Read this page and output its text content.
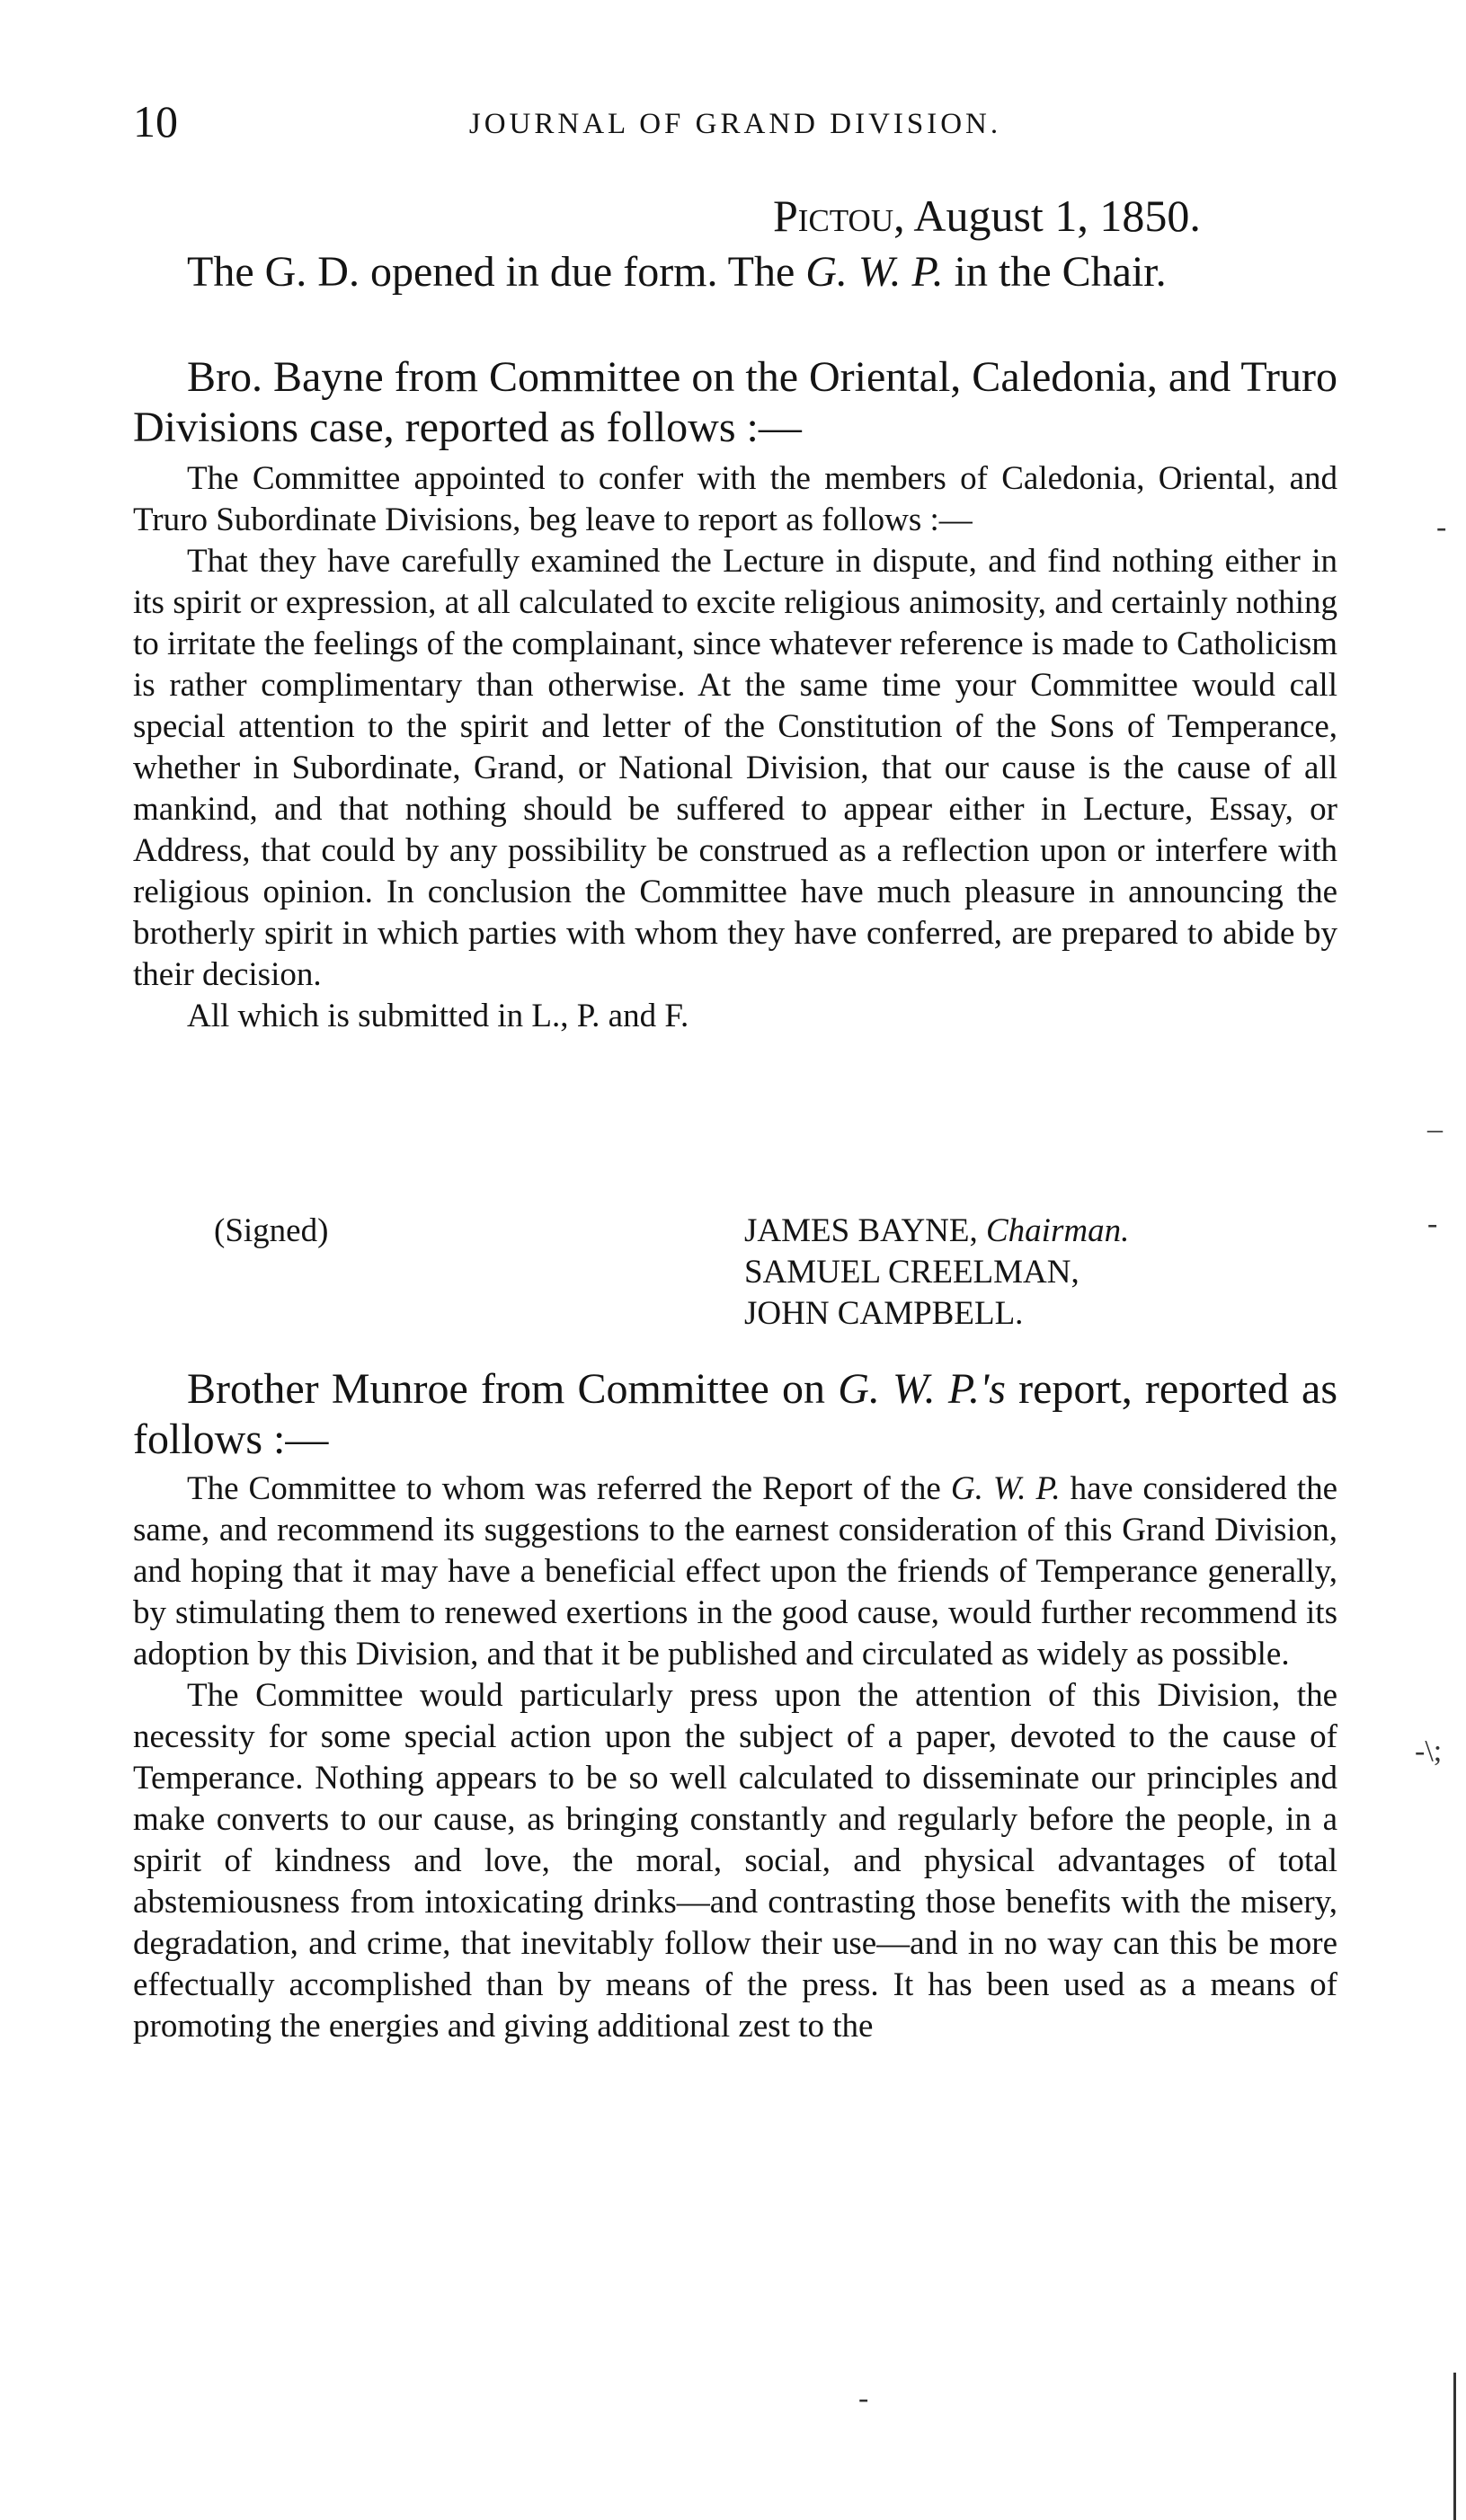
10	JOURNAL OF GRAND DIVISION.
Pictou, August 1, 1850.

The G. D. opened in due form. The G. W. P. in the Chair.

Bro. Bayne from Committee on the Oriental, Caledonia, and Truro Divisions case, reported as follows :—

The Committee appointed to confer with the members of Caledonia, Oriental, and Truro Subordinate Divisions, beg leave to report as follows :—

That they have carefully examined the Lecture in dispute, and find nothing either in its spirit or expression, at all calculated to excite religious animosity, and certainly nothing to irritate the feelings of the complainant, since whatever reference is made to Catholicism is rather complimentary than otherwise. At the same time your Committee would call special attention to the spirit and letter of the Constitution of the Sons of Temperance, whether in Subordinate, Grand, or National Division, that our cause is the cause of all mankind, and that nothing should be suffered to appear either in Lecture, Essay, or Address, that could by any possibility be construed as a reflection upon or interfere with religious opinion. In conclusion the Committee have much pleasure in announcing the brotherly spirit in which parties with whom they have conferred, are prepared to abide by their decision.

All which is submitted in L., P. and F.

(Signed)	JAMES BAYNE, Chairman.
SAMUEL CREELMAN,
JOHN CAMPBELL.

Brother Munroe from Committee on G. W. P.'s report, reported as follows :—

The Committee to whom was referred the Report of the G. W. P. have considered the same, and recommend its suggestions to the earnest consideration of this Grand Division, and hoping that it may have a beneficial effect upon the friends of Temperance generally, by stimulating them to renewed exertions in the good cause, would further recommend its adoption by this Division, and that it be published and circulated as widely as possible.

The Committee would particularly press upon the attention of this Division, the necessity for some special action upon the subject of a paper, devoted to the cause of Temperance. Nothing appears to be so well calculated to disseminate our principles and make converts to our cause, as bringing constantly and regularly before the people, in a spirit of kindness and love, the moral, social, and physical advantages of total abstemiousness from intoxicating drinks—and contrasting those benefits with the misery, degradation, and crime, that inevitably follow their use—and in no way can this be more effectually accomplished than by means of the press. It has been used as a means of promoting the energies and giving additional zest to the

-
–
-
-\;
-
